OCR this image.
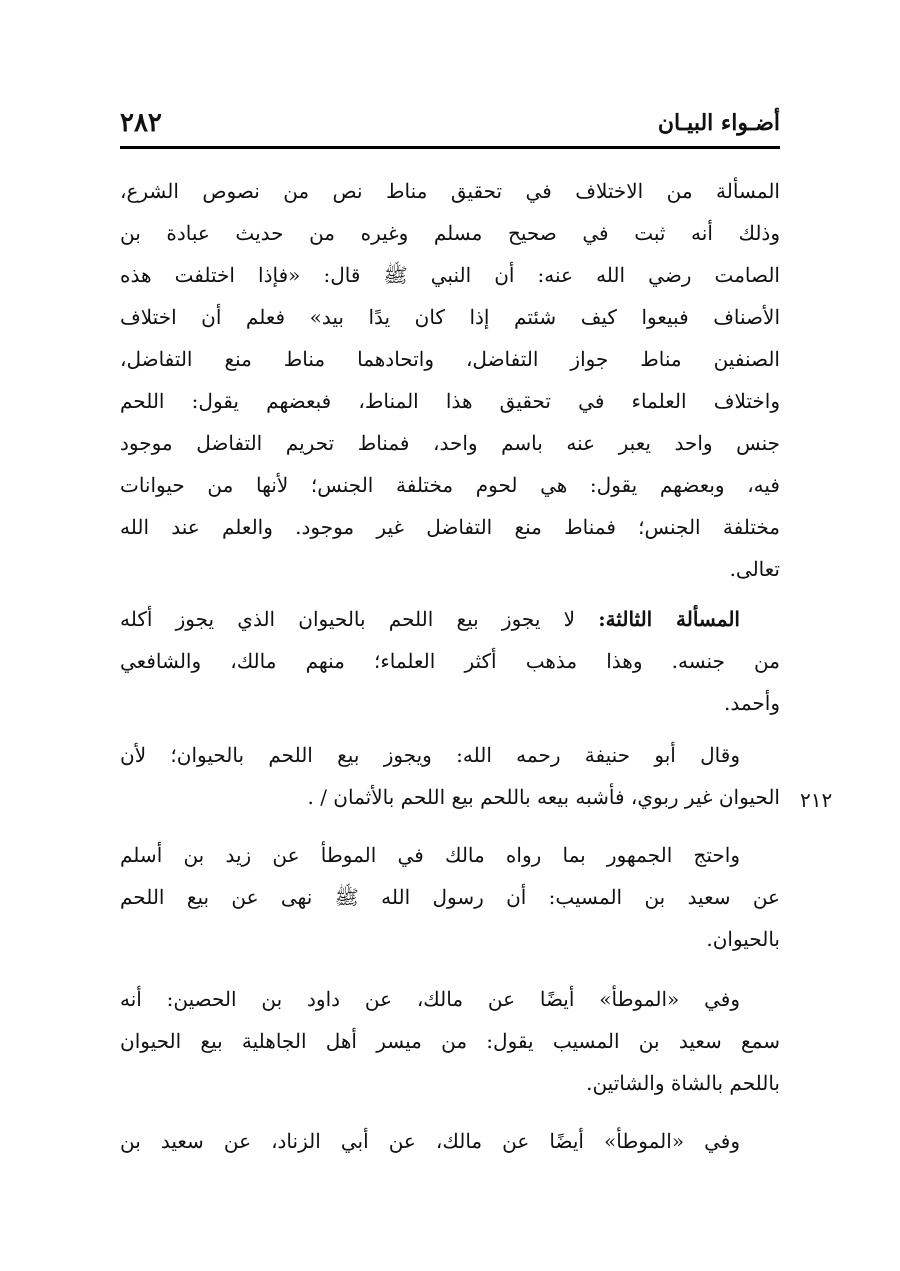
٢٨٢	أضـواء البيـان
المسألة من الاختلاف في تحقيق مناط نص من نصوص الشرع،
وذلك أنه ثبت في صحيح مسلم وغيره من حديث عبادة بن
الصامت رضي الله عنه: أن النبي ﷺ قال: «فإذا اختلفت هذه
الأصناف فبيعوا كيف شئتم إذا كان يدًا بيد» فعلم أن اختلاف
الصنفين مناط جواز التفاضل، واتحادهما مناط منع التفاضل،
واختلاف العلماء في تحقيق هذا المناط، فبعضهم يقول: اللحم
جنس واحد يعبر عنه باسم واحد، فمناط تحريم التفاضل موجود
فيه، وبعضهم يقول: هي لحوم مختلفة الجنس؛ لأنها من حيوانات
مختلفة الجنس؛ فمناط منع التفاضل غير موجود. والعلم عند الله
تعالى.
المسألة الثالثة: لا يجوز بيع اللحم بالحيوان الذي يجوز أكله
من جنسه. وهذا مذهب أكثر العلماء؛ منهم مالك، والشافعي
وأحمد.
وقال أبو حنيفة رحمه الله: ويجوز بيع اللحم بالحيوان؛ لأن
الحيوان غير ربوي، فأشبه بيعه باللحم بيع اللحم بالأثمان / . ٢١٢
واحتج الجمهور بما رواه مالك في الموطأ عن زيد بن أسلم
عن سعيد بن المسيب: أن رسول الله ﷺ نهى عن بيع اللحم
بالحيوان.
وفي «الموطأ» أيضًا عن مالك، عن داود بن الحصين: أنه
سمع سعيد بن المسيب يقول: من ميسر أهل الجاهلية بيع الحيوان
باللحم بالشاة والشاتين.
وفي «الموطأ» أيضًا عن مالك، عن أبي الزناد، عن سعيد بن
